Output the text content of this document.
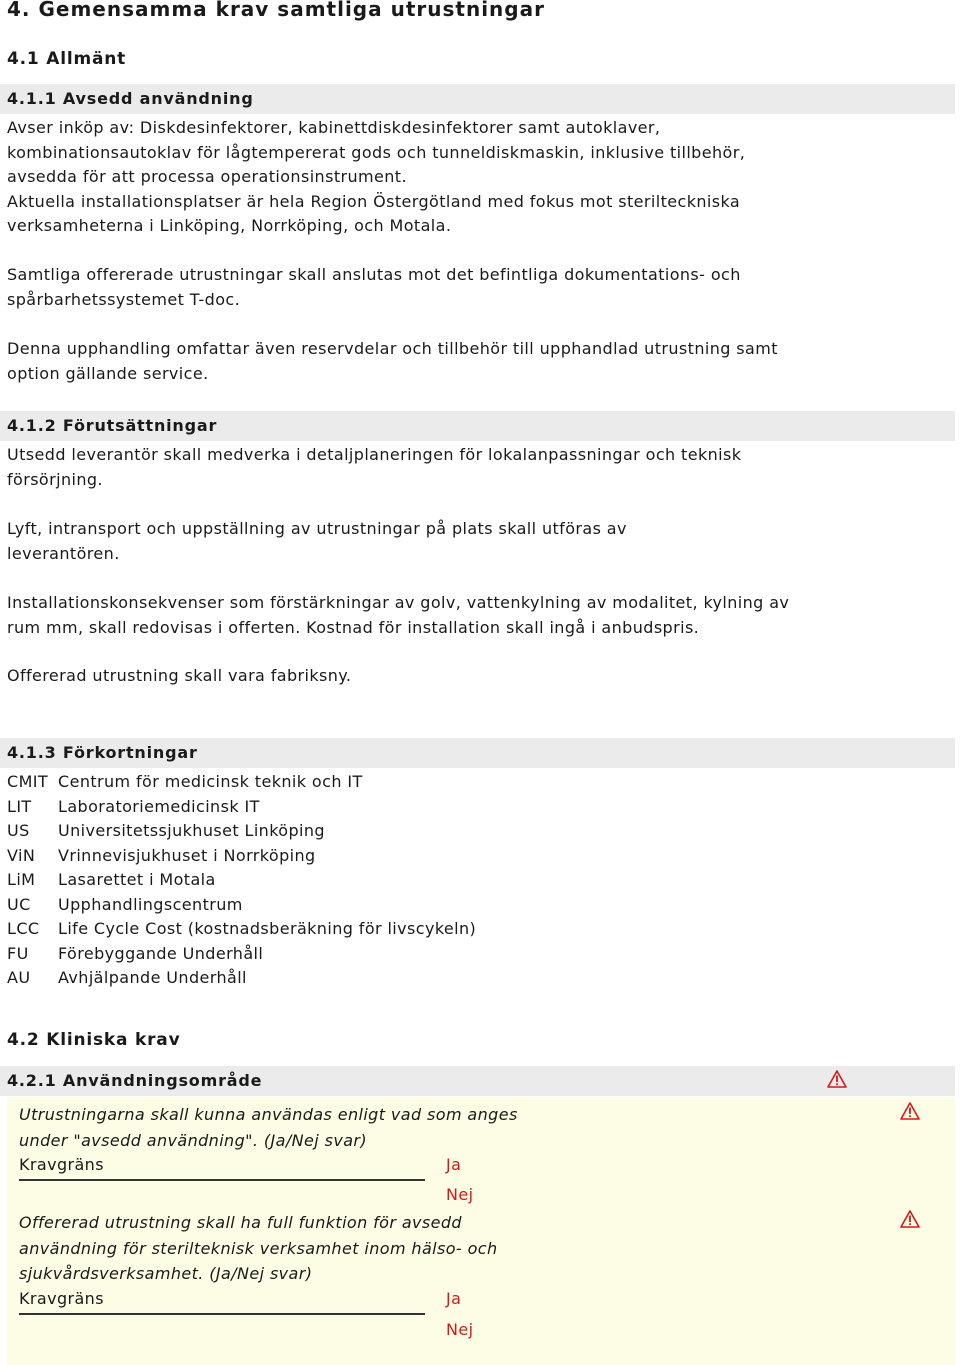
4. Gemensamma krav samtliga utrustningar
4.1 Allmänt
4.1.1 Avsedd användning
Avser inköp av: Diskdesinfektorer, kabinettdiskdesinfektorer samt autoklaver,
kombinationsautoklav för lågtempererat gods och tunneldiskmaskin, inklusive tillbehör,
avsedda för att processa operationsinstrument.
Aktuella installationsplatser är hela Region Östergötland med fokus mot sterilteckniska
verksamheterna i Linköping, Norrköping, och Motala.
Samtliga offererade utrustningar skall anslutas mot det befintliga dokumentations- och
spårbarhetssystemet T-doc.
Denna upphandling omfattar även reservdelar och tillbehör till upphandlad utrustning samt
option gällande service.
4.1.2 Förutsättningar
Utsedd leverantör skall medverka i detaljplaneringen för lokalanpassningar och teknisk
försörjning.
Lyft, intransport och uppställning av utrustningar på plats skall utföras av
leverantören.
Installationskonsekvenser som förstärkningar av golv, vattenkylning av modalitet, kylning av
rum mm, skall redovisas i offerten. Kostnad för installation skall ingå i anbudspris.
Offererad utrustning skall vara fabriksny.
4.1.3 Förkortningar
CMIT Centrum för medicinsk teknik och IT
LIT Laboratoriemedicinsk IT
US Universitetssjukhuset Linköping
ViN Vrinnevisjukhuset i Norrköping
LiM Lasarettet i Motala
UC Upphandlingscentrum
LCC Life Cycle Cost (kostnadsberäkning för livscykeln)
FU Förebyggande Underhåll
AU Avhjälpande Underhåll
4.2 Kliniska krav
4.2.1 Användningsområde
Utrustningarna skall kunna användas enligt vad som anges
under "avsedd användning". (Ja/Nej svar)
Kravgräns	Ja
Nej
Offererad utrustning skall ha full funktion för avsedd
användning för sterilteknisk verksamhet inom hälso- och
sjukvårdsverksamhet. (Ja/Nej svar)
Kravgräns	Ja
Nej
